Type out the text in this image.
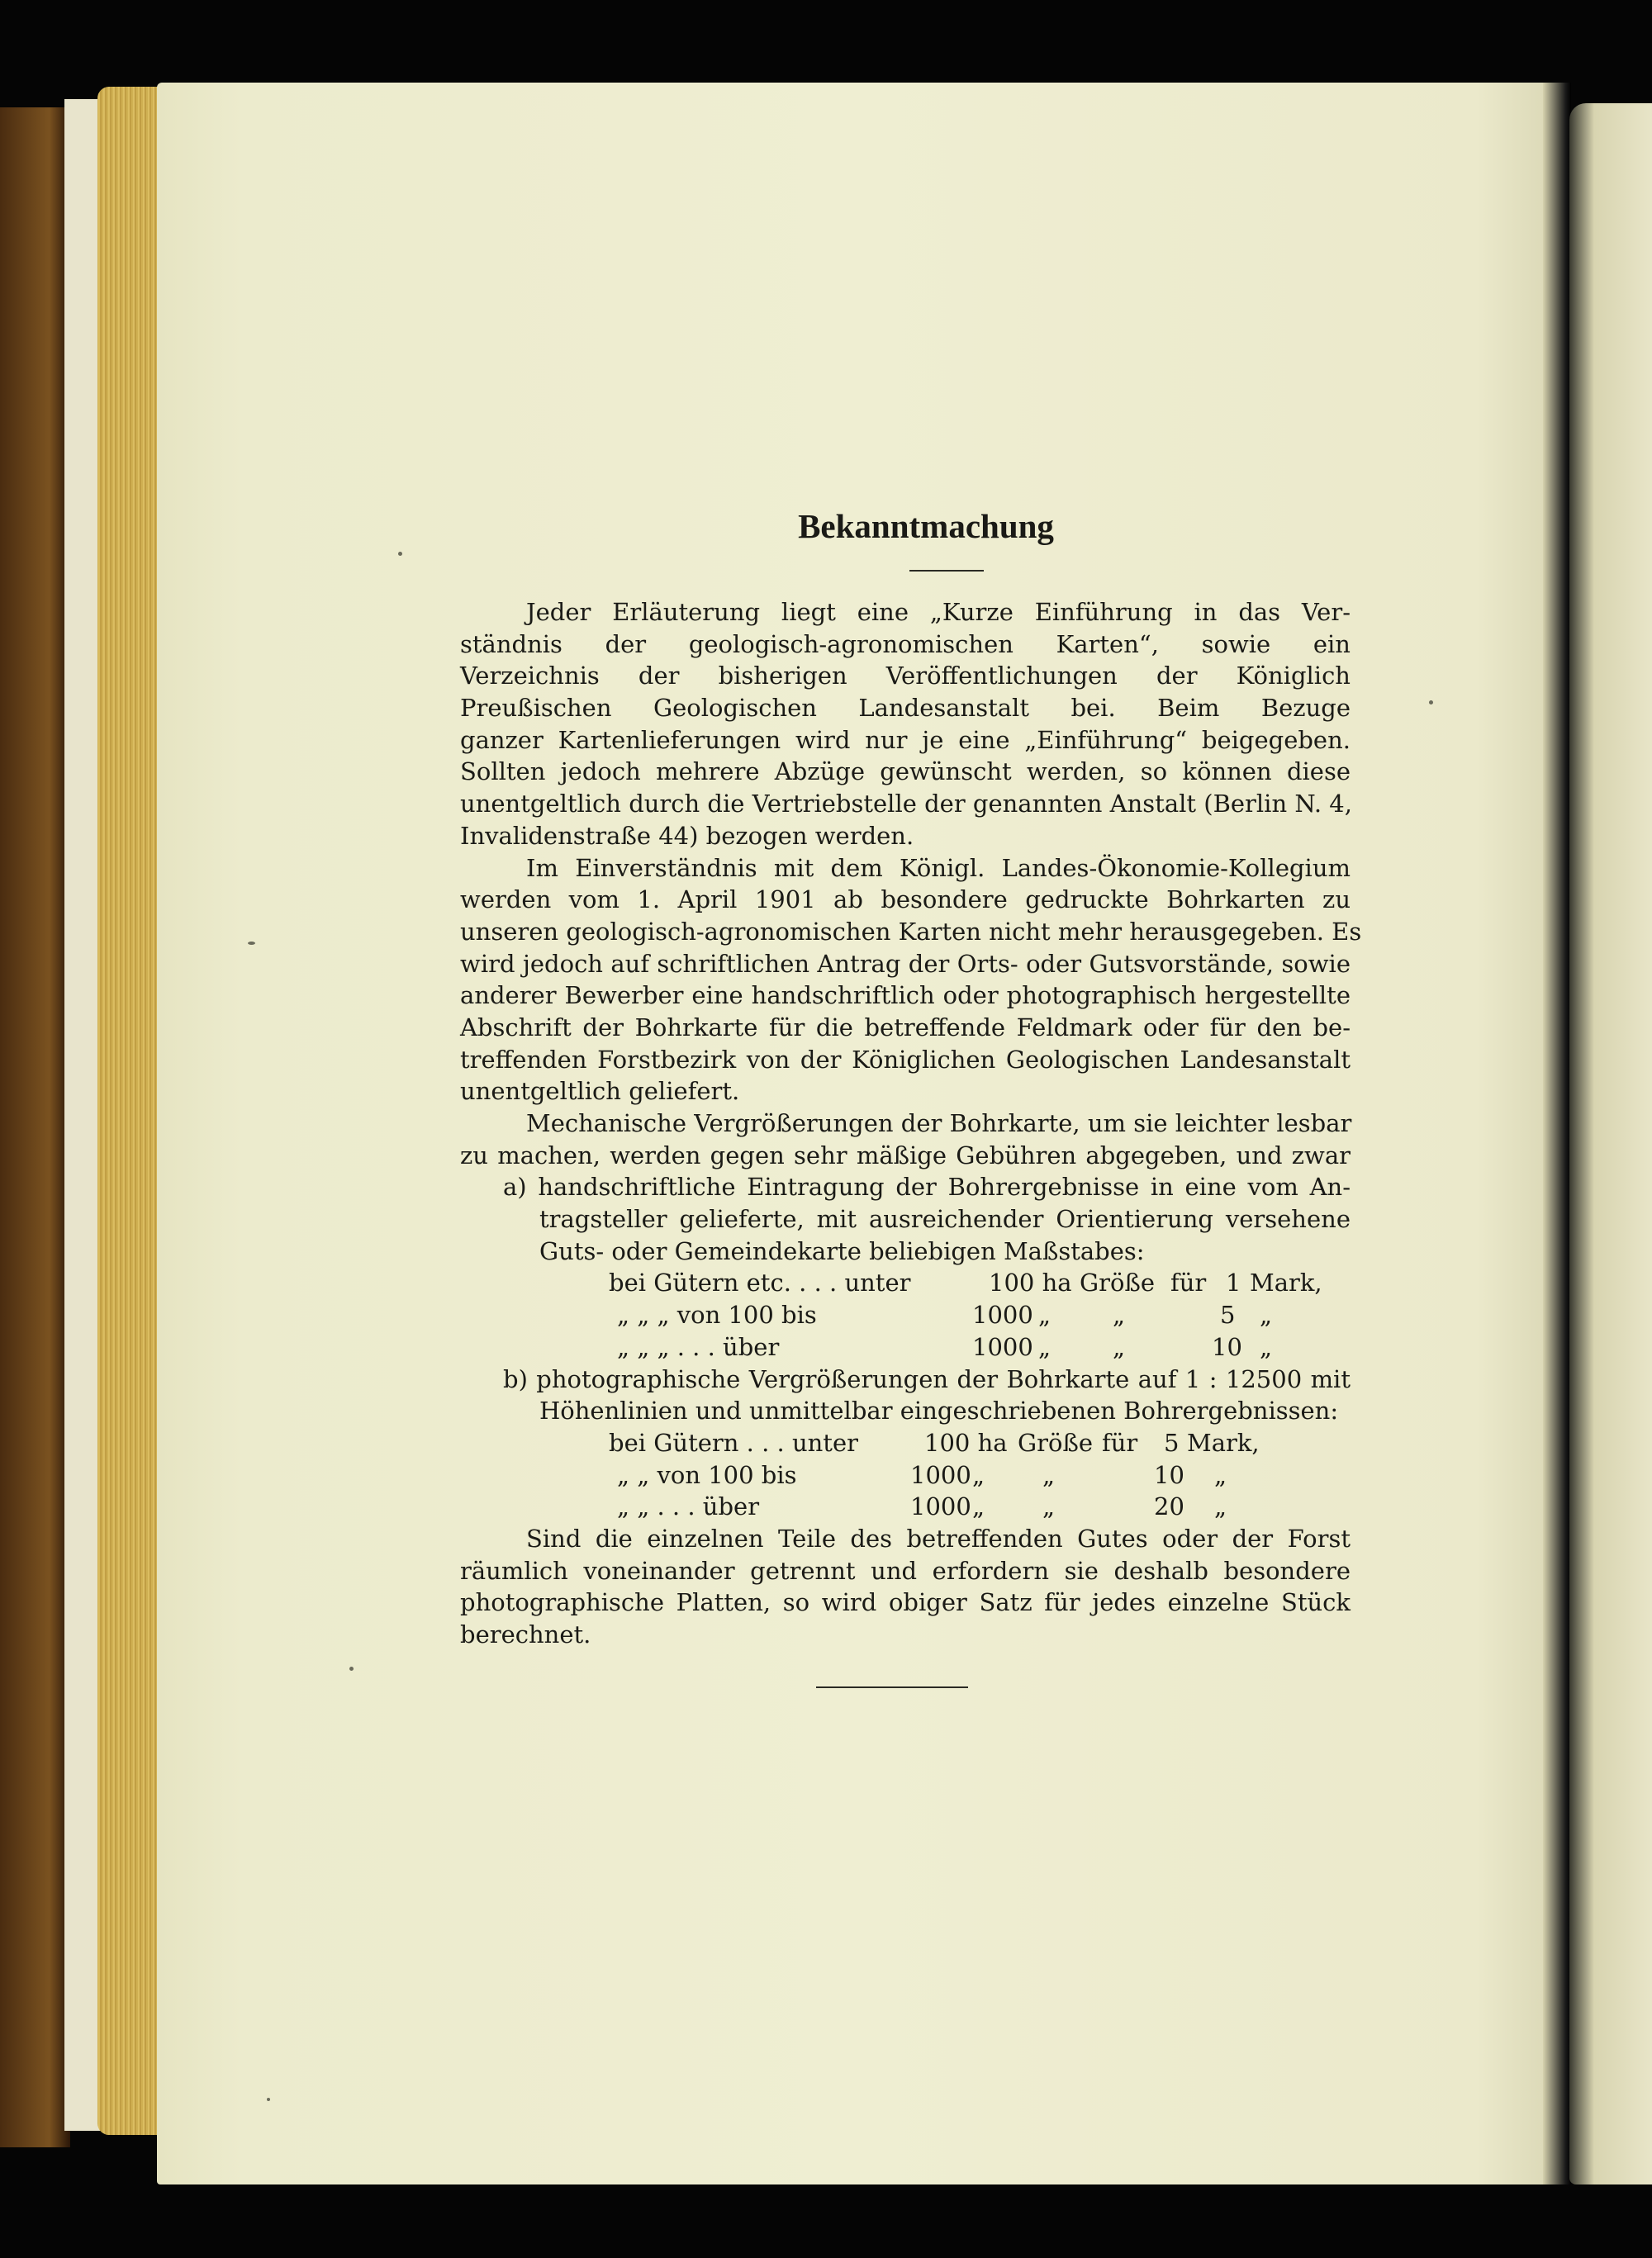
Bekanntmachung
Jeder Erläuterung liegt eine „Kurze Einführung in das Ver-
ständnis der geologisch-agronomischen Karten“, sowie ein
Verzeichnis der bisherigen Veröffentlichungen der Königlich
Preußischen Geologischen Landesanstalt bei. Beim Bezuge
ganzer Kartenlieferungen wird nur je eine „Einführung“ beigegeben.
Sollten jedoch mehrere Abzüge gewünscht werden, so können diese
unentgeltlich durch die Vertriebstelle der genannten Anstalt (Berlin N. 4,
Invalidenstraße 44) bezogen werden.
Im Einverständnis mit dem Königl. Landes-Ökonomie-Kollegium
werden vom 1. April 1901 ab besondere gedruckte Bohrkarten zu
unseren geologisch-agronomischen Karten nicht mehr herausgegeben. Es
wird jedoch auf schriftlichen Antrag der Orts- oder Gutsvorstände, sowie
anderer Bewerber eine handschriftlich oder photographisch hergestellte
Abschrift der Bohrkarte für die betreffende Feldmark oder für den be-
treffenden Forstbezirk von der Königlichen Geologischen Landesanstalt
unentgeltlich geliefert.
Mechanische Vergrößerungen der Bohrkarte, um sie leichter lesbar
zu machen, werden gegen sehr mäßige Gebühren abgegeben, und zwar
a) handschriftliche Eintragung der Bohrergebnisse in eine vom An-
tragsteller gelieferte, mit ausreichender Orientierung versehene
Guts- oder Gemeindekarte beliebigen Maßstabes:
bei Gütern etc. . . . unter	100 ha Größe für 1 Mark,
„ „ „ von 100 bis	1000 „	„	5 „
„ „ „ . . . über	1000 „	„	10 „
b) photographische Vergrößerungen der Bohrkarte auf 1 : 12500 mit
Höhenlinien und unmittelbar eingeschriebenen Bohrergebnissen:
bei Gütern . . . unter	100 ha Größe für 5 Mark,
„ „ von 100 bis	1000 „ „	10 „
„ „ . . . über	1000 „ „	20 „
Sind die einzelnen Teile des betreffenden Gutes oder der Forst
räumlich voneinander getrennt und erfordern sie deshalb besondere
photographische Platten, so wird obiger Satz für jedes einzelne Stück
berechnet.
